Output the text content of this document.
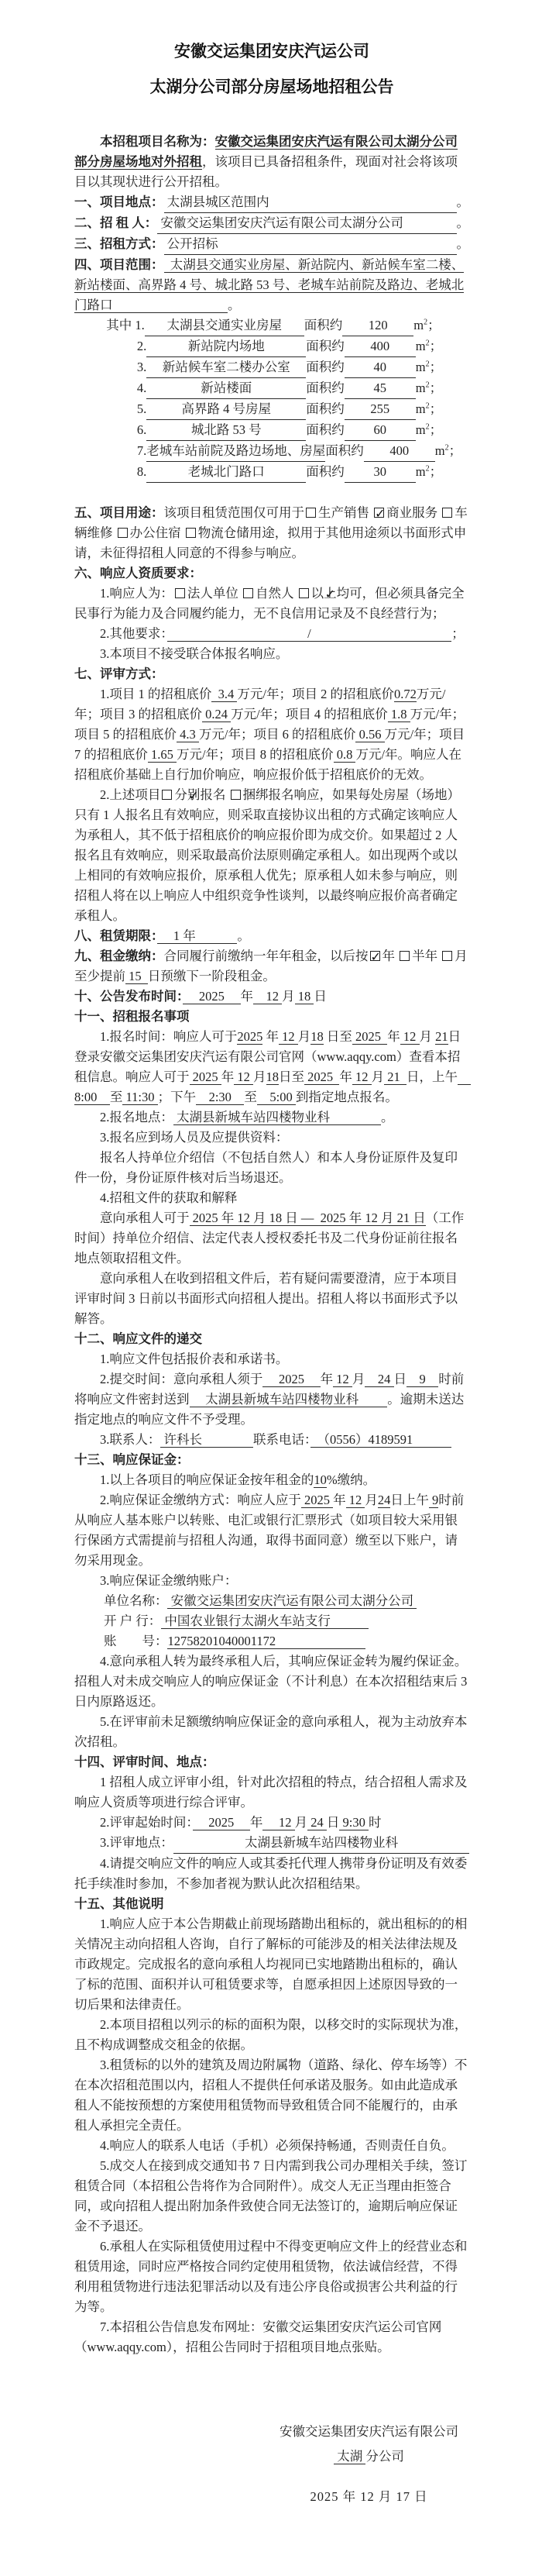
安徽交运集团安庆汽运公司
太湖分公司部分房屋场地招租公告
本招租项目名称为：安徽交运集团安庆汽运有限公司太湖分公司部分房屋场地对外招租，该项目已具备招租条件，现面对社会将该项目以其现状进行公开招租。
一、项目地点： 太湖县城区范围内	。
二、招 租 人： 安徽交运集团安庆汽运有限公司太湖分公司	。
三、招租方式： 公开招标	。
四、项目范围：  太湖县交通实业房屋、新站院内、新站候车室二楼、新站楼面、高界路 4 号、城北路 53 号、老城车站前院及路边、老城北门路口　　　　　　　　　。
其中 1. 太湖县交通实业房屋 面积约 120 $m^2$；
2.	新站院内场地	面积约 400 $m^2$；
3. 新站候车室二楼办公室 面积约 40 $m^2$；
4.	新站楼面	面积约 45 $m^2$；
5.	高界路 4 号房屋	面积约 255 $m^2$；
6.	城北路 53 号	面积约 60 $m^2$；
7.老城车站前院及路边场地、房屋面积约 400 $m^2$；
8.	老城北门路口	面积约 30 $m^2$；
五、项目用途：该项目租赁范围仅可用于 生产销售 ✓商业服务 车辆维修 办公住宿 物流仓储用途，拟用于其他用途须以书面形式申请，未征得招租人同意的不得参与响应。
六、响应人资质要求：
1.响应人为： 法人单位 自然人 ✓以上均可，但必须具备完全民事行为能力及合同履约能力，无不良信用记录及不良经营行为；
2.其他要求：　　　　　　　　　　　/　　　　　　　　　　　；
3.本项目不接受联合体报名响应。
七、评审方式：
1.项目 1 的招租底价  3.4 万元/年；项目 2 的招租底价0.72万元/年；项目 3 的招租底价 0.24 万元/年；项目 4 的招租底价 1.8 万元/年；项目 5 的招租底价 4.3 万元/年；项目 6 的招租底价 0.56 万元/年；项目 7 的招租底价 1.65 万元/年；项目 8 的招租底价 0.8 万元/年。响应人在招租底价基础上自行加价响应，响应报价低于招租底价的无效。
2.上述项目 ✓ 分别报名 捆绑报名响应，如果每处房屋（场地）只有 1 人报名且有效响应，则采取直接协议出租的方式确定该响应人为承租人，其不低于招租底价的响应报价即为成交价。如果超过 2 人报名且有效响应，则采取最高价法原则确定承租人。如出现两个或以上相同的有效响应报价，原承租人优先；原承租人如未参与响应，则招租人将在以上响应人中组织竞争性谈判，以最终响应报价高者确定承租人。
八、租赁期限：　 1 年　　　 。
九、租金缴纳：合同履行前缴纳一年年租金，以后按 ✓ 年 半年 月至少提前 15  日预缴下一阶段租金。
十、公告发布时间：　 2025 　年　12 月 18 日
十一、招租报名事项
1.报名时间：响应人可于2025 年 12 月18 日至 2025  年 12 月 21日登录安徽交运集团安庆汽运有限公司官网（www.aqqy.com）查看本招租信息。响应人可于 2025 年 12 月18日至 2025  年 12 月 21  日，上午　8:00　至 11:30 ；下午　2:30　至　5:00 到指定地点报名。
2.报名地点： 太湖县新城车站四楼物业科　　　　。
3.报名应到场人员及应提供资料：
报名人持单位介绍信（不包括自然人）和本人身份证原件及复印件一份，身份证原件核对后当场退还。
4.招租文件的获取和解释
意向承租人可于 2025 年 12 月 18 日 —  2025 年 12 月 21 日（工作时间）持单位介绍信、法定代表人授权委托书及二代身份证前往报名地点领取招租文件。
意向承租人在收到招租文件后，若有疑问需要澄清，应于本项目评审时间 3 日前以书面形式向招租人提出。招租人将以书面形式予以解答。
十二、响应文件的递交
1.响应文件包括报价表和承诺书。
2.提交时间：意向承租人须于　 2025 　年 12 月　24 日　9　时前将响应文件密封送到　 太湖县新城车站四楼物业科　　 。逾期未送达指定地点的响应文件不予受理。
3.联系人： 许科长　　　　联系电话：　（0556）4189591　　　
十三、响应保证金：
1.以上各项目的响应保证金按年租金的10%缴纳。
2.响应保证金缴纳方式：响应人应于 2025 年 12 月24日上午 9时前从响应人基本账户以转账、电汇或银行汇票形式（如项目较大采用银行保函方式需提前与招租人沟通，取得书面同意）缴至以下账户，请勿采用现金。
3.响应保证金缴纳账户：
单位名称： 安徽交运集团安庆汽运有限公司太湖分公司
开 户 行： 中国农业银行太湖火车站支行　　　
账　　号：12758201040001172　　　　　　　
4.意向承租人转为最终承租人后，其响应保证金转为履约保证金。招租人对未成交响应人的响应保证金（不计利息）在本次招租结束后 3 日内原路返还。
5.在评审前未足额缴纳响应保证金的意向承租人，视为主动放弃本次招租。
十四、评审时间、地点：
1 招租人成立评审小组，针对此次招租的特点，结合招租人需求及响应人资质等项进行综合评审。
2.评审起始时间：　 2025 　年　 12 月 24 日 9:30 时
3.评审地点：	太湖县新城车站四楼物业科
4.请提交响应文件的响应人或其委托代理人携带身份证明及有效委托手续准时参加，不参加者视为默认此次招租结果。
十五、其他说明
1.响应人应于本公告期截止前现场踏勘出租标的，就出租标的的相关情况主动向招租人咨询，自行了解标的可能涉及的相关法律法规及市政规定。完成报名的意向承租人均视同已实地踏勘出租标的，确认了标的范围、面积并认可租赁要求等，自愿承担因上述原因导致的一切后果和法律责任。
2.本项目招租以列示的标的面积为限，以移交时的实际现状为准，且不构成调整成交租金的依据。
3.租赁标的以外的建筑及周边附属物（道路、绿化、停车场等）不在本次招租范围以内，招租人不提供任何承诺及服务。如由此造成承租人不能按预想的方案使用租赁物而导致租赁合同不能履行的，由承租人承担完全责任。
4.响应人的联系人电话（手机）必须保持畅通，否则责任自负。
5.成交人在接到成交通知书 7 日内需到我公司办理相关手续，签订租赁合同（本招租公告将作为合同附件）。成交人无正当理由拒签合同，或向招租人提出附加条件致使合同无法签订的，逾期后响应保证金不予退还。
6.承租人在实际租赁使用过程中不得变更响应文件上的经营业态和租赁用途，同时应严格按合同约定使用租赁物，依法诚信经营，不得利用租赁物进行违法犯罪活动以及有违公序良俗或损害公共利益的行为等。
7.本招租公告信息发布网址：安徽交运集团安庆汽运公司官网（www.aqqy.com），招租公告同时于招租项目地点张贴。
安徽交运集团安庆汽运有限公司
太湖 分公司
2025 年 12 月 17 日
